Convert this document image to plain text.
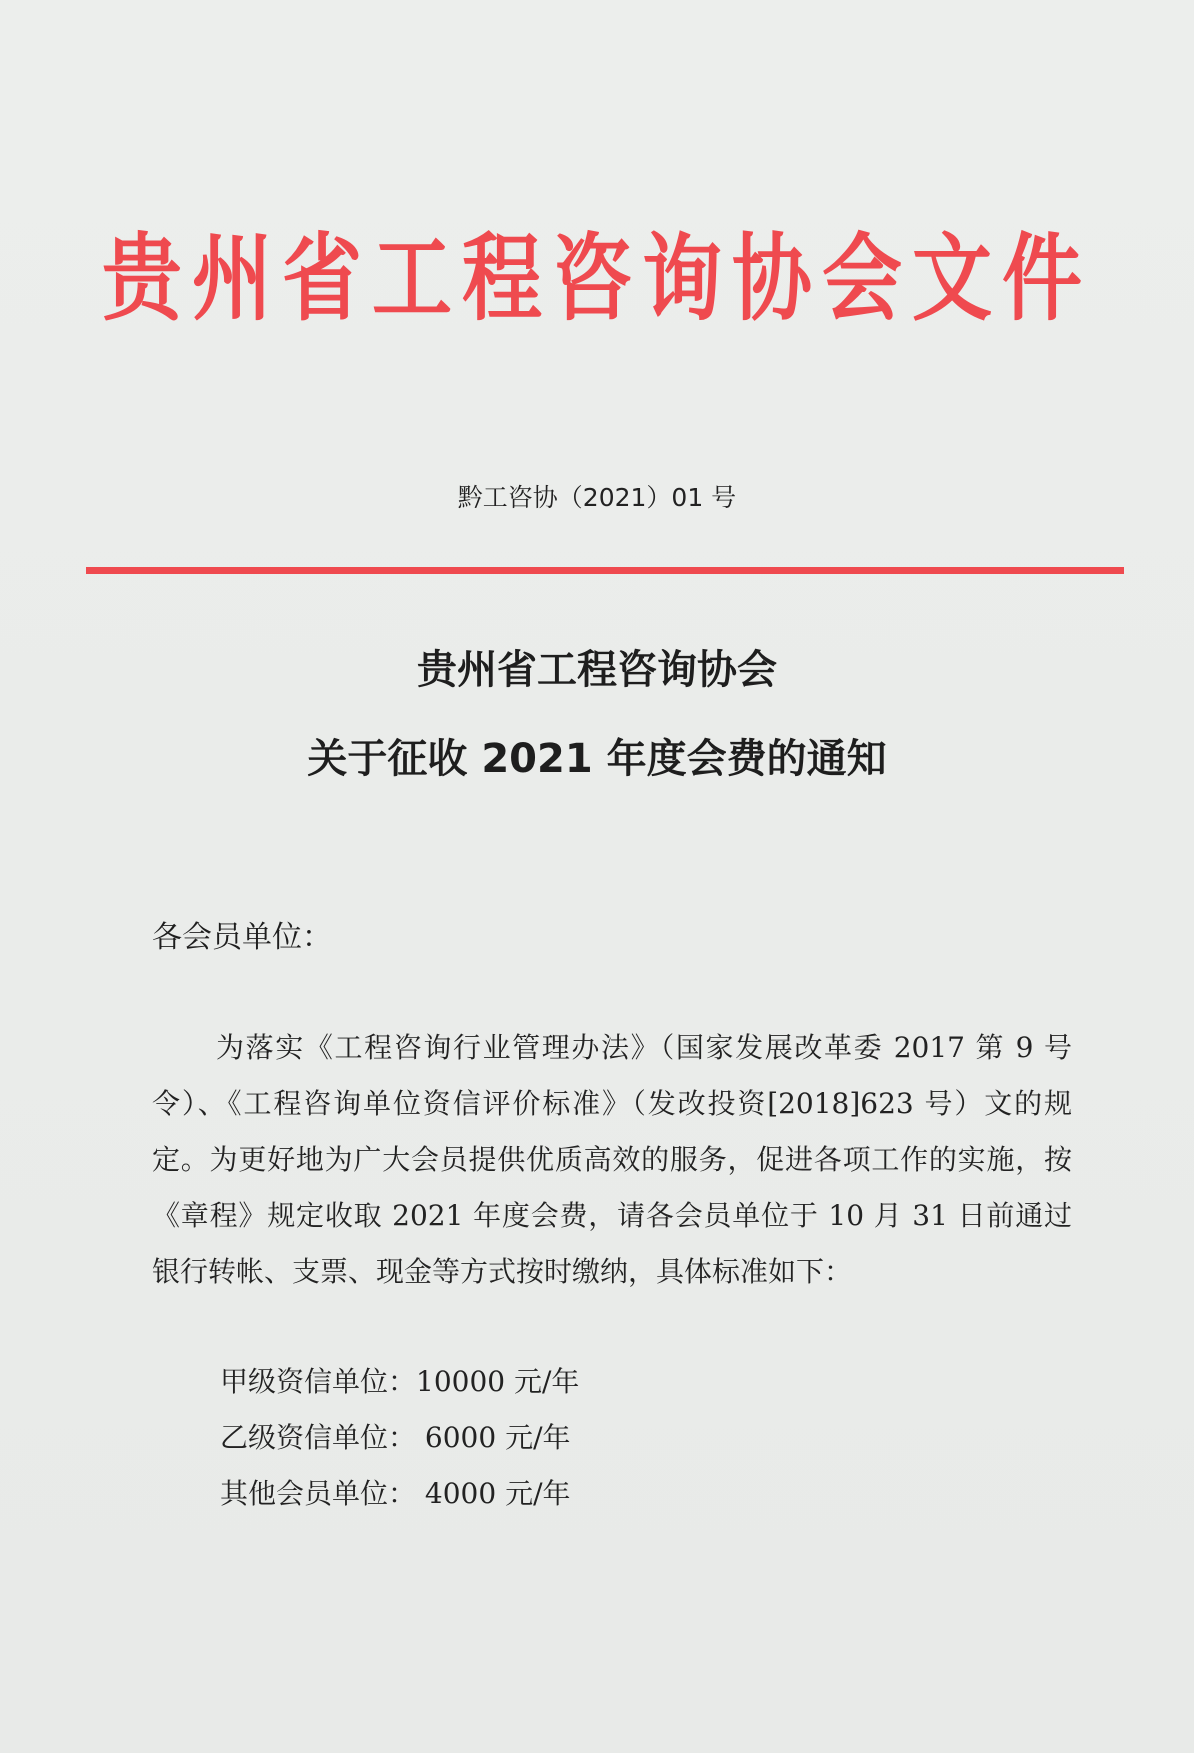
贵州省工程咨询协会文件
黔工咨协（2021）01 号
贵州省工程咨询协会
关于征收 2021 年度会费的通知
各会员单位：

为落实《工程咨询行业管理办法》（国家发展改革委 2017 第 9 号令）、《工程咨询单位资信评价标准》（发改投资[2018]623 号）文的规定。为更好地为广大会员提供优质高效的服务，促进各项工作的实施，按《章程》规定收取 2021 年度会费，请各会员单位于 10 月 31 日前通过银行转帐、支票、现金等方式按时缴纳，具体标准如下：

甲级资信单位：10000 元/年
乙级资信单位： 6000 元/年
其他会员单位： 4000 元/年
